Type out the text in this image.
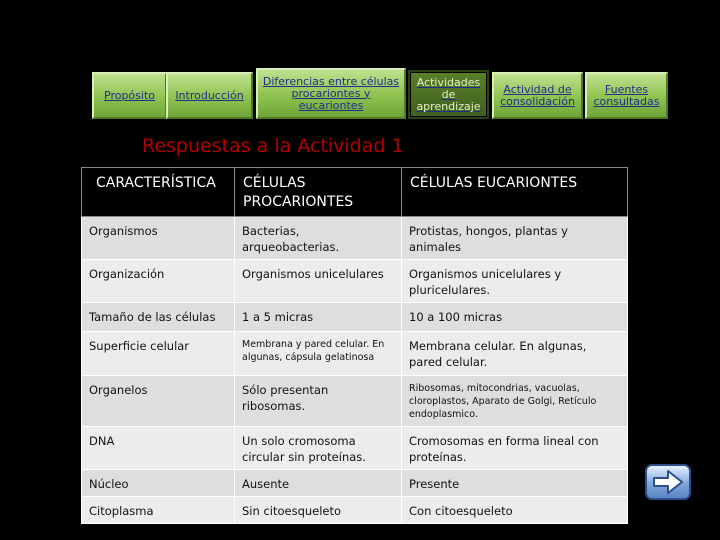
Propósito Introducción
Diferencias entre células procariontes y eucariontes
Actividades de aprendizaje
Actividad de consolidación
Fuentes consultadas
Respuestas a la Actividad 1
CARACTERÍSTICA	CÉLULAS PROCARIONTES	CÉLULAS EUCARIONTES
Organismos	Bacterias, arqueobacterias.	Protistas, hongos, plantas y animales
Organización	Organismos unicelulares	Organismos unicelulares y pluricelulares.
Tamaño de las células	1 a 5 micras	10 a 100 micras
Superficie celular	Membrana y pared celular. En algunas, cápsula gelatinosa	Membrana celular. En algunas, pared celular.
Organelos	Sólo presentan ribosomas.	Ribosomas, mitocondrias, vacuolas, cloroplastos, Aparato de Golgi, Retículo endoplasmico.
DNA	Un solo cromosoma circular sin proteínas.	Cromosomas en forma lineal con proteínas.
Núcleo	Ausente	Presente
Citoplasma	Sin citoesqueleto	Con citoesqueleto
